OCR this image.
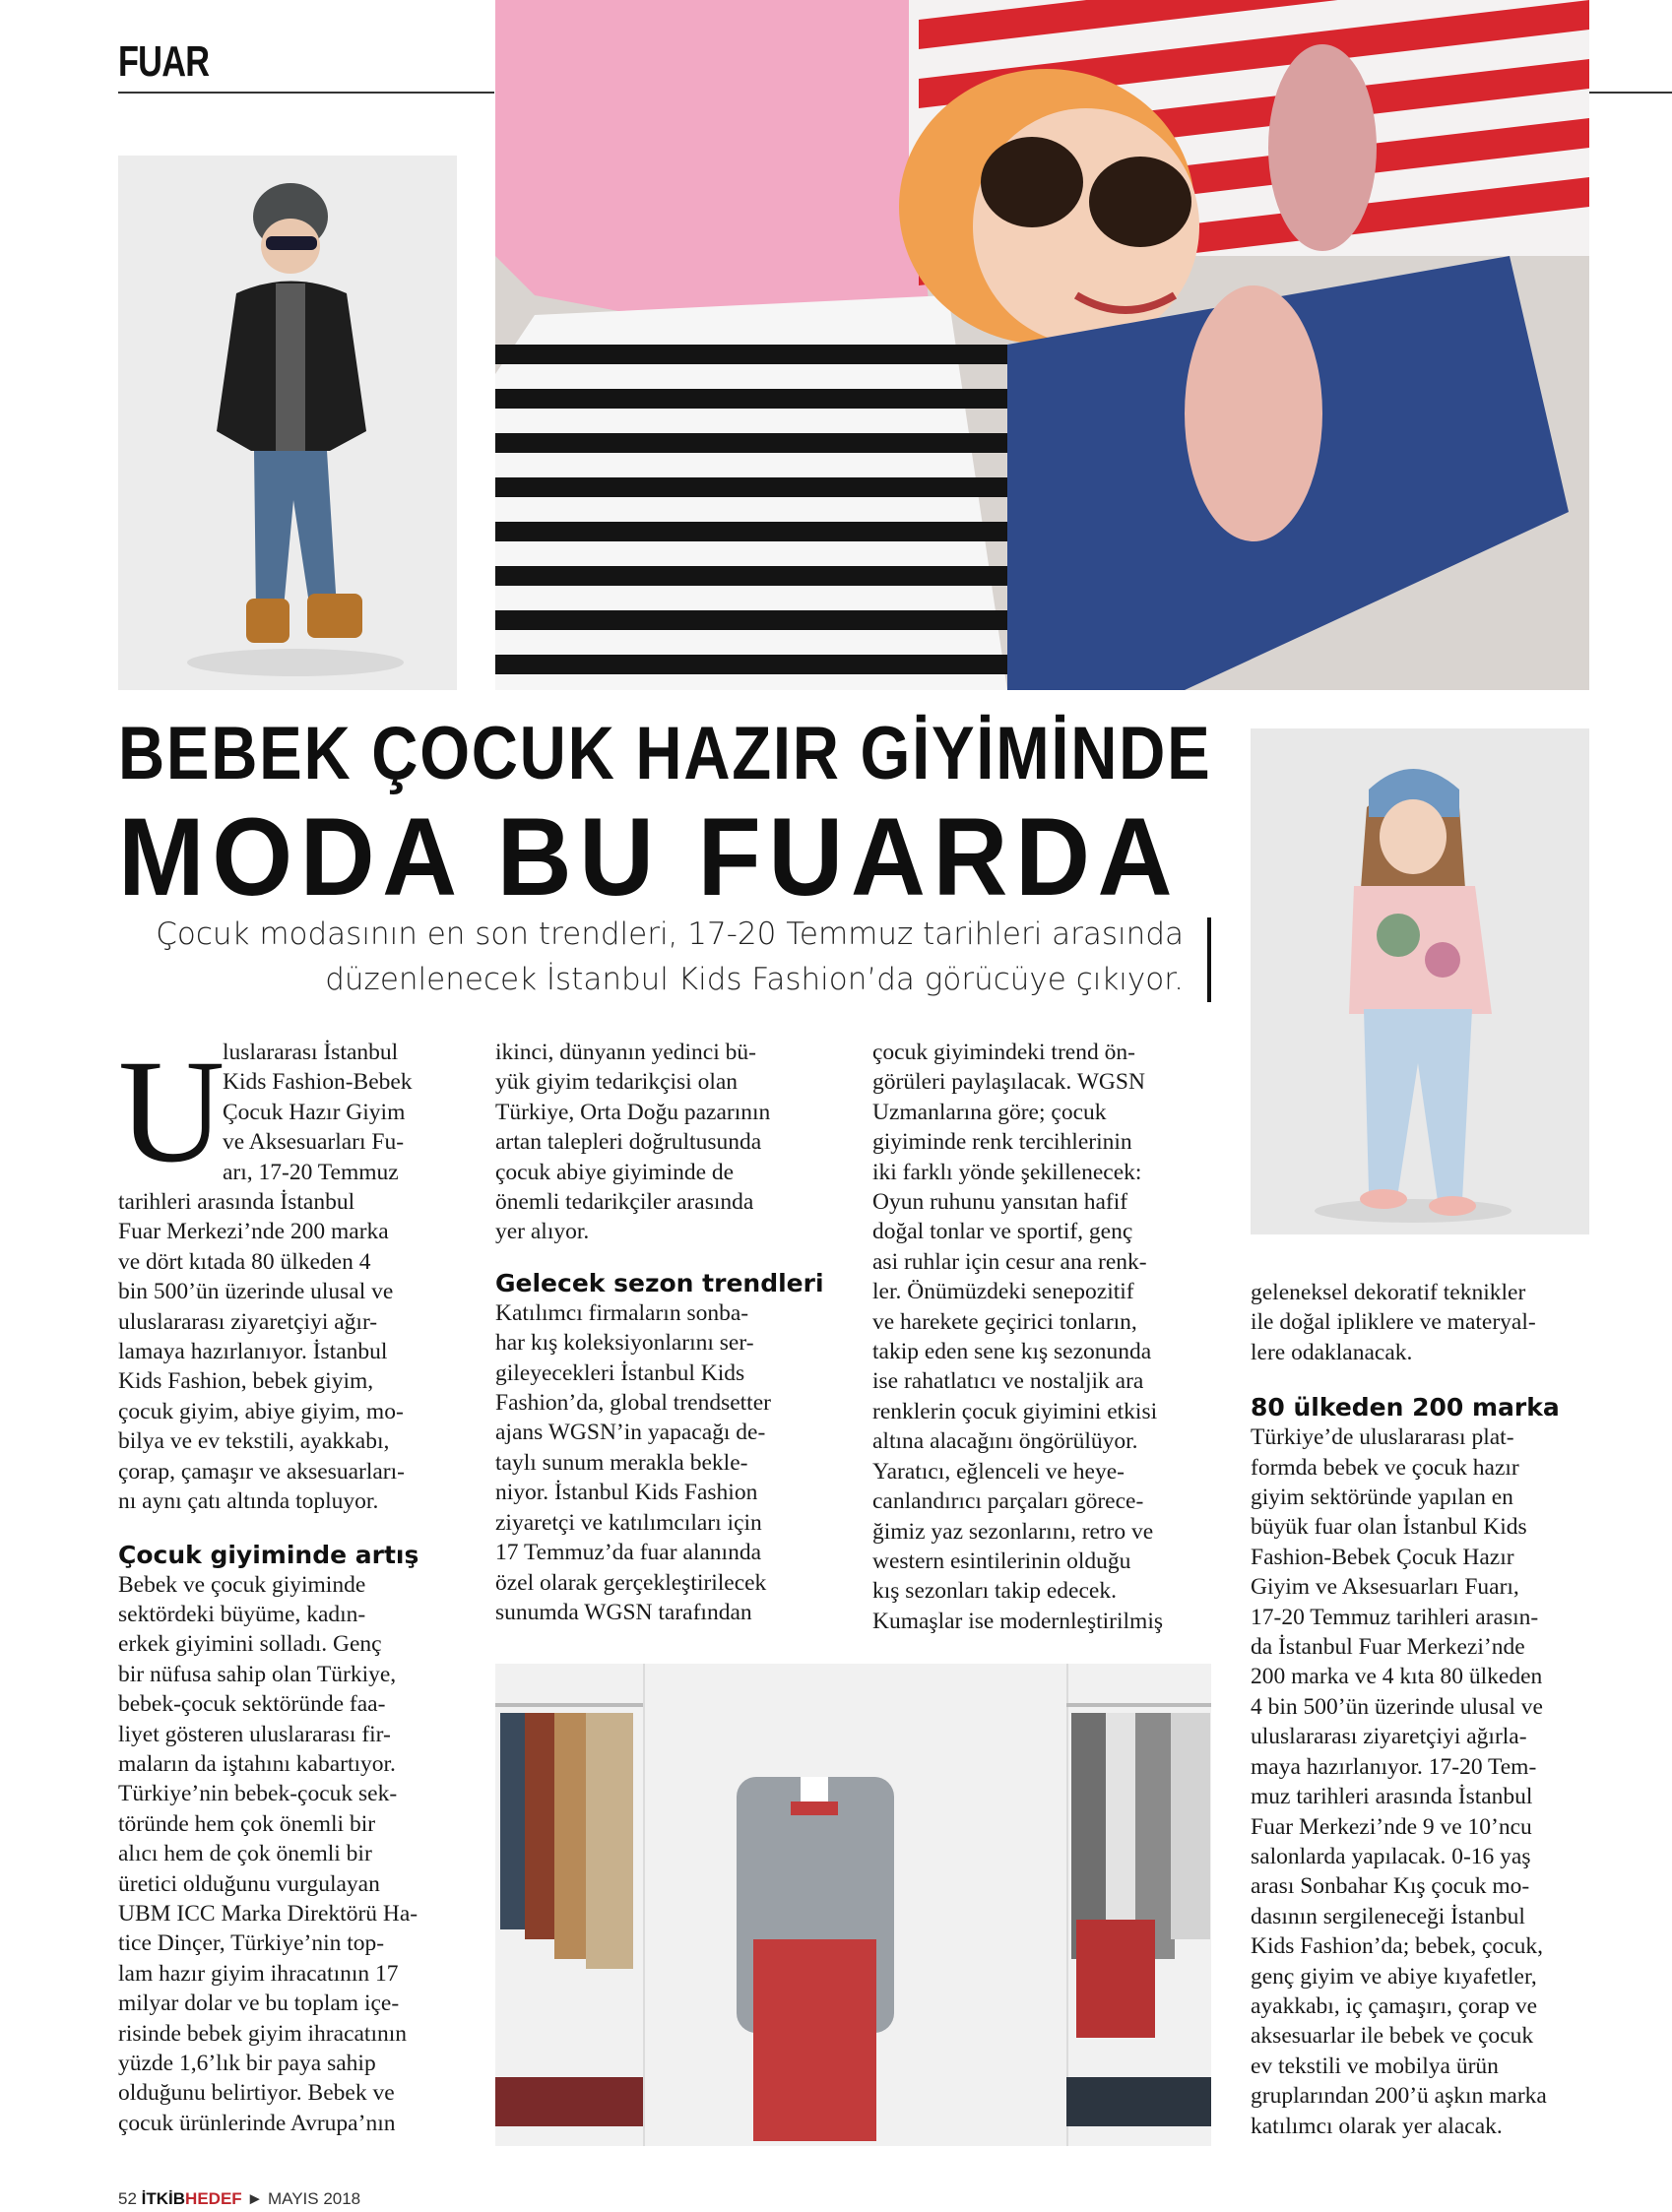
FUAR
BEBEK ÇOCUK HAZIR GİYİMİNDE
MODA BU FUARDA
Çocuk modasının en son trendleri, 17-20 Temmuz tarihleri arasında
düzenlenecek İstanbul Kids Fashion’da görücüye çıkıyor.
U
luslararası İstanbul
Kids Fashion-Bebek
Çocuk Hazır Giyim
ve Aksesuarları Fu-
arı, 17-20 Temmuz
tarihleri arasında İstanbul
Fuar Merkezi’nde 200 marka
ve dört kıtada 80 ülkeden 4
bin 500’ün üzerinde ulusal ve
uluslararası ziyaretçiyi ağır-
lamaya hazırlanıyor. İstanbul
Kids Fashion, bebek giyim,
çocuk giyim, abiye giyim, mo-
bilya ve ev tekstili, ayakkabı,
çorap, çamaşır ve aksesuarları-
nı aynı çatı altında topluyor.
Çocuk giyiminde artış
Bebek ve çocuk giyiminde
sektördeki büyüme, kadın-
erkek giyimini solladı. Genç
bir nüfusa sahip olan Türkiye,
bebek-çocuk sektöründe faa-
liyet gösteren uluslararası fir-
maların da iştahını kabartıyor.
Türkiye’nin bebek-çocuk sek-
töründe hem çok önemli bir
alıcı hem de çok önemli bir
üretici olduğunu vurgulayan
UBM ICC Marka Direktörü Ha-
tice Dinçer, Türkiye’nin top-
lam hazır giyim ihracatının 17
milyar dolar ve bu toplam içe-
risinde bebek giyim ihracatının
yüzde 1,6’lık bir paya sahip
olduğunu belirtiyor. Bebek ve
çocuk ürünlerinde Avrupa’nın
ikinci, dünyanın yedinci bü-
yük giyim tedarikçisi olan
Türkiye, Orta Doğu pazarının
artan talepleri doğrultusunda
çocuk abiye giyiminde de
önemli tedarikçiler arasında
yer alıyor.
Gelecek sezon trendleri
Katılımcı firmaların sonba-
har kış koleksiyonlarını ser-
gileyecekleri İstanbul Kids
Fashion’da, global trendsetter
ajans WGSN’in yapacağı de-
taylı sunum merakla bekle-
niyor. İstanbul Kids Fashion
ziyaretçi ve katılımcıları için
17 Temmuz’da fuar alanında
özel olarak gerçekleştirilecek
sunumda WGSN tarafından
çocuk giyimindeki trend ön-
görüleri paylaşılacak. WGSN
Uzmanlarına göre; çocuk
giyiminde renk tercihlerinin
iki farklı yönde şekillenecek:
Oyun ruhunu yansıtan hafif
doğal tonlar ve sportif, genç
asi ruhlar için cesur ana renk-
ler. Önümüzdeki senepozitif
ve harekete geçirici tonların,
takip eden sene kış sezonunda
ise rahatlatıcı ve nostaljik ara
renklerin çocuk giyimini etkisi
altına alacağını öngörülüyor.
Yaratıcı, eğlenceli ve heye-
canlandırıcı parçaları görece-
ğimiz yaz sezonlarını, retro ve
western esintilerinin olduğu
kış sezonları takip edecek.
Kumaşlar ise modernleştirilmiş
geleneksel dekoratif teknikler
ile doğal ipliklere ve materyal-
lere odaklanacak.
80 ülkeden 200 marka
Türkiye’de uluslararası plat-
formda bebek ve çocuk hazır
giyim sektöründe yapılan en
büyük fuar olan İstanbul Kids
Fashion-Bebek Çocuk Hazır
Giyim ve Aksesuarları Fuarı,
17-20 Temmuz tarihleri arasın-
da İstanbul Fuar Merkezi’nde
200 marka ve 4 kıta 80 ülkeden
4 bin 500’ün üzerinde ulusal ve
uluslararası ziyaretçiyi ağırla-
maya hazırlanıyor. 17-20 Tem-
muz tarihleri arasında İstanbul
Fuar Merkezi’nde 9 ve 10’ncu
salonlarda yapılacak. 0-16 yaş
arası Sonbahar Kış çocuk mo-
dasının sergileneceği İstanbul
Kids Fashion’da; bebek, çocuk,
genç giyim ve abiye kıyafetler,
ayakkabı, iç çamaşırı, çorap ve
aksesuarlar ile bebek ve çocuk
ev tekstili ve mobilya ürün
gruplarından 200’ü aşkın marka
katılımcı olarak yer alacak.
52 İTKİBHEDEF ► MAYIS 2018
